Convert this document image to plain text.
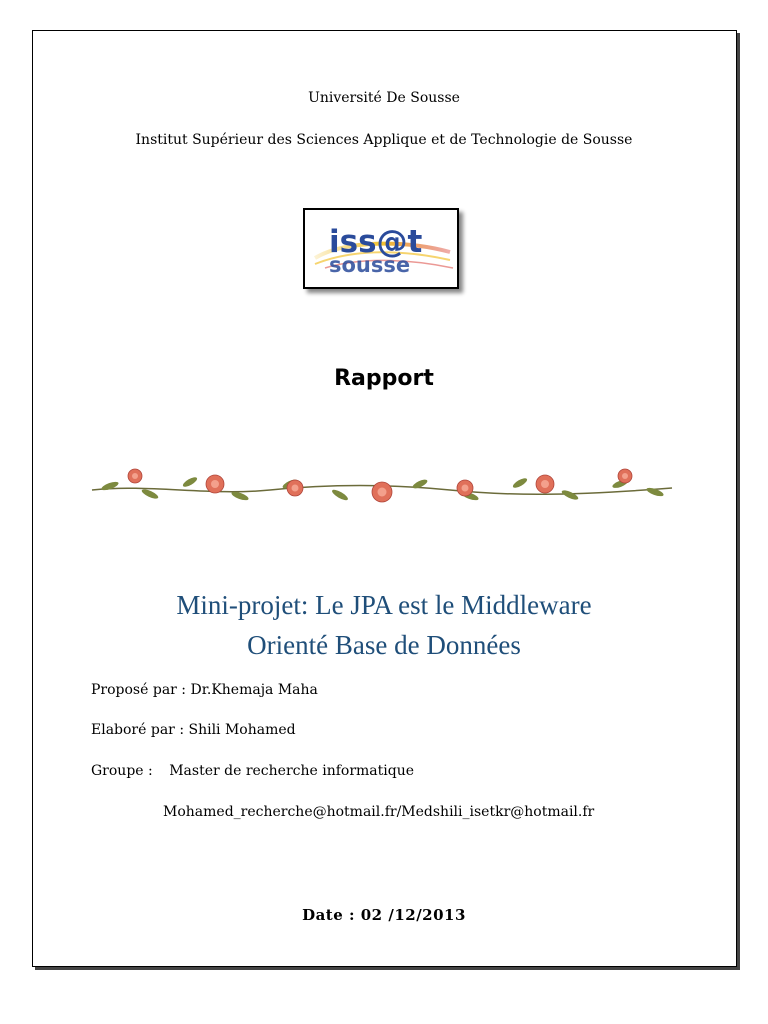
Université De Sousse
Institut Supérieur des Sciences Applique et de Technologie de Sousse
iss@t
sousse
Rapport
Mini-projet: Le JPA est le Middleware
Orienté Base de Données
Proposé par : Dr.Khemaja Maha
Elaboré par : Shili Mohamed
Groupe : Master de recherche informatique
Mohamed_recherche@hotmail.fr/Medshili_isetkr@hotmail.fr
Date : 02 /12/2013
